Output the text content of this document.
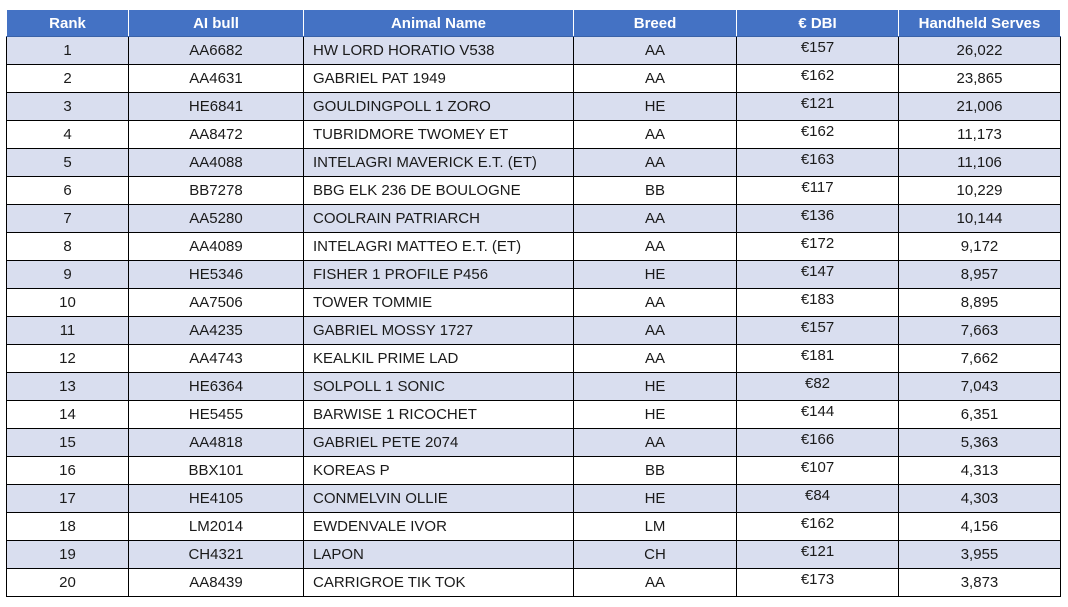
Rank	AI bull	Animal Name	Breed	€ DBI	Handheld Serves
1	AA6682	HW LORD HORATIO V538	AA	€157	26,022
2	AA4631	GABRIEL PAT 1949	AA	€162	23,865
3	HE6841	GOULDINGPOLL 1 ZORO	HE	€121	21,006
4	AA8472	TUBRIDMORE TWOMEY ET	AA	€162	11,173
5	AA4088	INTELAGRI MAVERICK E.T. (ET)	AA	€163	11,106
6	BB7278	BBG ELK 236 DE BOULOGNE	BB	€117	10,229
7	AA5280	COOLRAIN PATRIARCH	AA	€136	10,144
8	AA4089	INTELAGRI MATTEO E.T. (ET)	AA	€172	9,172
9	HE5346	FISHER 1 PROFILE P456	HE	€147	8,957
10	AA7506	TOWER TOMMIE	AA	€183	8,895
11	AA4235	GABRIEL MOSSY 1727	AA	€157	7,663
12	AA4743	KEALKIL PRIME LAD	AA	€181	7,662
13	HE6364	SOLPOLL 1 SONIC	HE	€82	7,043
14	HE5455	BARWISE 1 RICOCHET	HE	€144	6,351
15	AA4818	GABRIEL PETE 2074	AA	€166	5,363
16	BBX101	KOREAS P	BB	€107	4,313
17	HE4105	CONMELVIN OLLIE	HE	€84	4,303
18	LM2014	EWDENVALE IVOR	LM	€162	4,156
19	CH4321	LAPON	CH	€121	3,955
20	AA8439	CARRIGROE TIK TOK	AA	€173	3,873
